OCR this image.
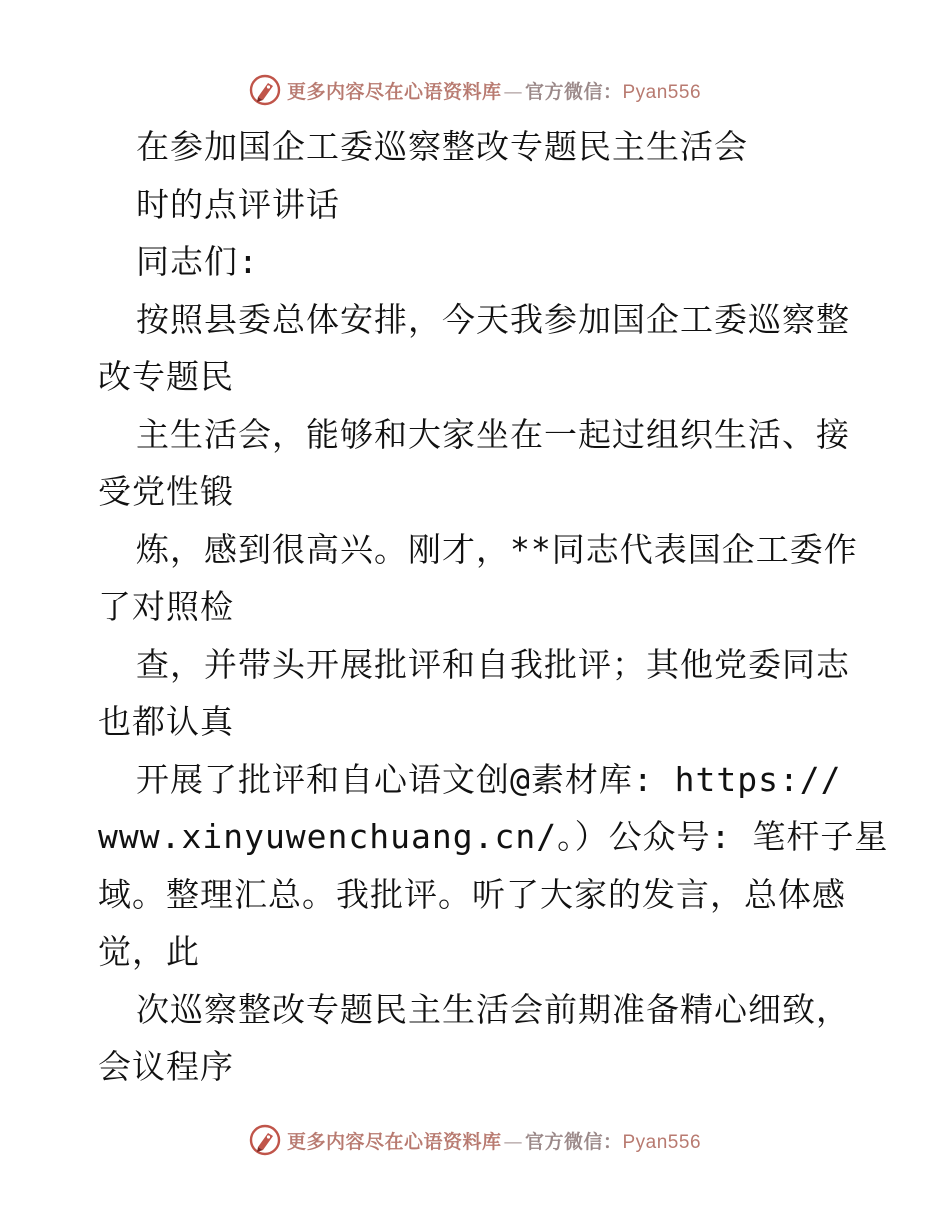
更多内容尽在心语资料库 — 官方微信：Pyan556
在参加国企工委巡察整改专题民主生活会
时的点评讲话
同志们:
按照县委总体安排，今天我参加国企工委巡察整
改专题民
主生活会，能够和大家坐在一起过组织生活、接
受党性锻
炼，感到很高兴。刚才，**同志代表国企工委作
了对照检
查，并带头开展批评和自我批评；其他党委同志
也都认真
开展了批评和自心语文创@素材库: https://
www.xinyuwenchuang.cn/。）公众号: 笔杆子星
域。整理汇总。我批评。听了大家的发言，总体感
觉，此
次巡察整改专题民主生活会前期准备精心细致，
会议程序
更多内容尽在心语资料库 — 官方微信：Pyan556
